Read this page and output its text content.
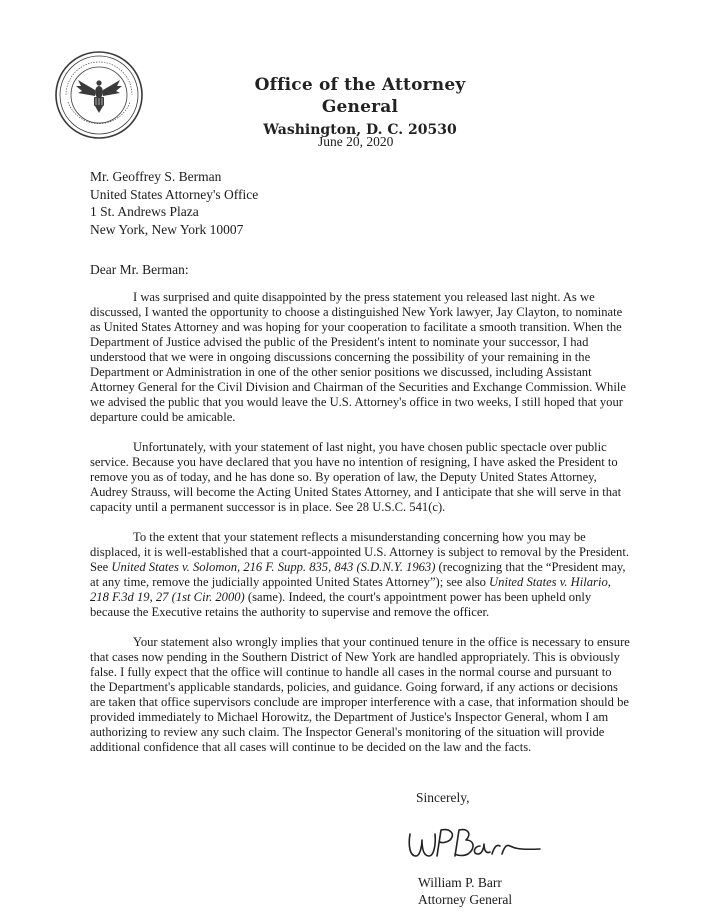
Office of the Attorney General
Washington, D. C. 20530
June 20, 2020
Mr. Geoffrey S. Berman
United States Attorney's Office
1 St. Andrews Plaza
New York, New York 10007
Dear Mr. Berman:

I was surprised and quite disappointed by the press statement you released last night. As we discussed, I wanted the opportunity to choose a distinguished New York lawyer, Jay Clayton, to nominate as United States Attorney and was hoping for your cooperation to facilitate a smooth transition. When the Department of Justice advised the public of the President's intent to nominate your successor, I had understood that we were in ongoing discussions concerning the possibility of your remaining in the Department or Administration in one of the other senior positions we discussed, including Assistant Attorney General for the Civil Division and Chairman of the Securities and Exchange Commission. While we advised the public that you would leave the U.S. Attorney's office in two weeks, I still hoped that your departure could be amicable.

Unfortunately, with your statement of last night, you have chosen public spectacle over public service. Because you have declared that you have no intention of resigning, I have asked the President to remove you as of today, and he has done so. By operation of law, the Deputy United States Attorney, Audrey Strauss, will become the Acting United States Attorney, and I anticipate that she will serve in that capacity until a permanent successor is in place. See 28 U.S.C. 541(c).

To the extent that your statement reflects a misunderstanding concerning how you may be displaced, it is well-established that a court-appointed U.S. Attorney is subject to removal by the President. See United States v. Solomon, 216 F. Supp. 835, 843 (S.D.N.Y. 1963) (recognizing that the “President may, at any time, remove the judicially appointed United States Attorney”); see also United States v. Hilario, 218 F.3d 19, 27 (1st Cir. 2000) (same). Indeed, the court's appointment power has been upheld only because the Executive retains the authority to supervise and remove the officer.

Your statement also wrongly implies that your continued tenure in the office is necessary to ensure that cases now pending in the Southern District of New York are handled appropriately. This is obviously false. I fully expect that the office will continue to handle all cases in the normal course and pursuant to the Department's applicable standards, policies, and guidance. Going forward, if any actions or decisions are taken that office supervisors conclude are improper interference with a case, that information should be provided immediately to Michael Horowitz, the Department of Justice's Inspector General, whom I am authorizing to review any such claim. The Inspector General's monitoring of the situation will provide additional confidence that all cases will continue to be decided on the law and the facts.

Sincerely,
William P. Barr
Attorney General
